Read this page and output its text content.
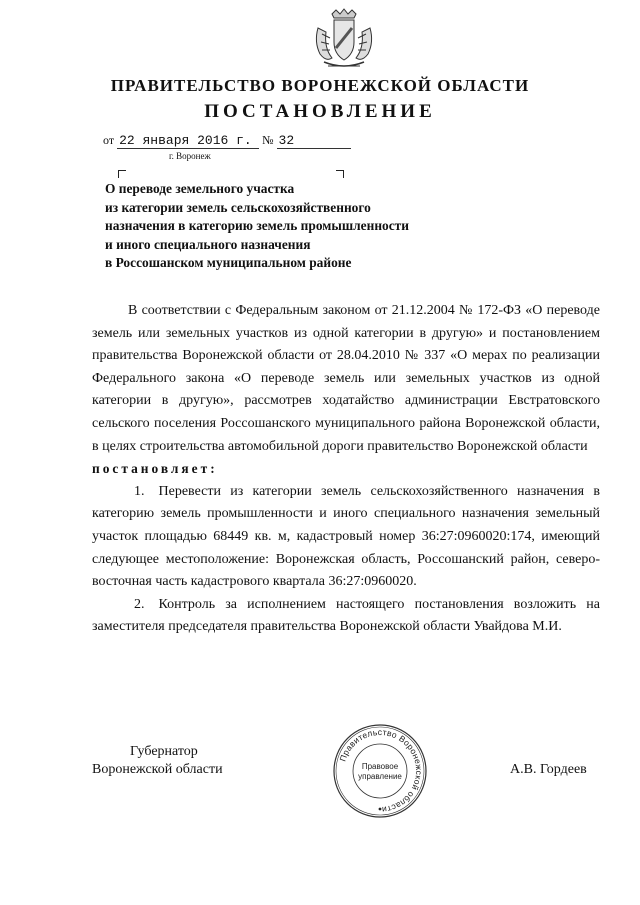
ПРАВИТЕЛЬСТВО ВОРОНЕЖСКОЙ ОБЛАСТИ
ПОСТАНОВЛЕНИЕ
от 22 января 2016 г. № 32
г. Воронеж
О переводе земельного участка
из категории земель сельскохозяйственного
назначения в категорию земель промышленности
и иного специального назначения
в Россошанском муниципальном районе

В соответствии с Федеральным законом от 21.12.2004 № 172-ФЗ «О переводе земель или земельных участков из одной категории в другую» и постановлением правительства Воронежской области от 28.04.2010 № 337 «О мерах по реализации Федерального закона «О переводе земель или земельных участков из одной категории в другую», рассмотрев ходатайство администрации Евстратовского сельского поселения Россошанского муниципального района Воронежской области, в целях строительства автомобильной дороги правительство Воронежской области

постановляет:

1. Перевести из категории земель сельскохозяйственного назначения в категорию земель промышленности и иного специального назначения земельный участок площадью 68449 кв. м, кадастровый номер 36:27:0960020:174, имеющий следующее местоположение: Воронежская область, Россошанский район, северо-восточная часть кадастрового квартала 36:27:0960020.

2. Контроль за исполнением настоящего постановления возложить на заместителя председателя правительства Воронежской области Увайдова М.И.

Губернатор
Воронежской области
Правительство Воронежской области
Правовое
управление	А.В. Гордеев
